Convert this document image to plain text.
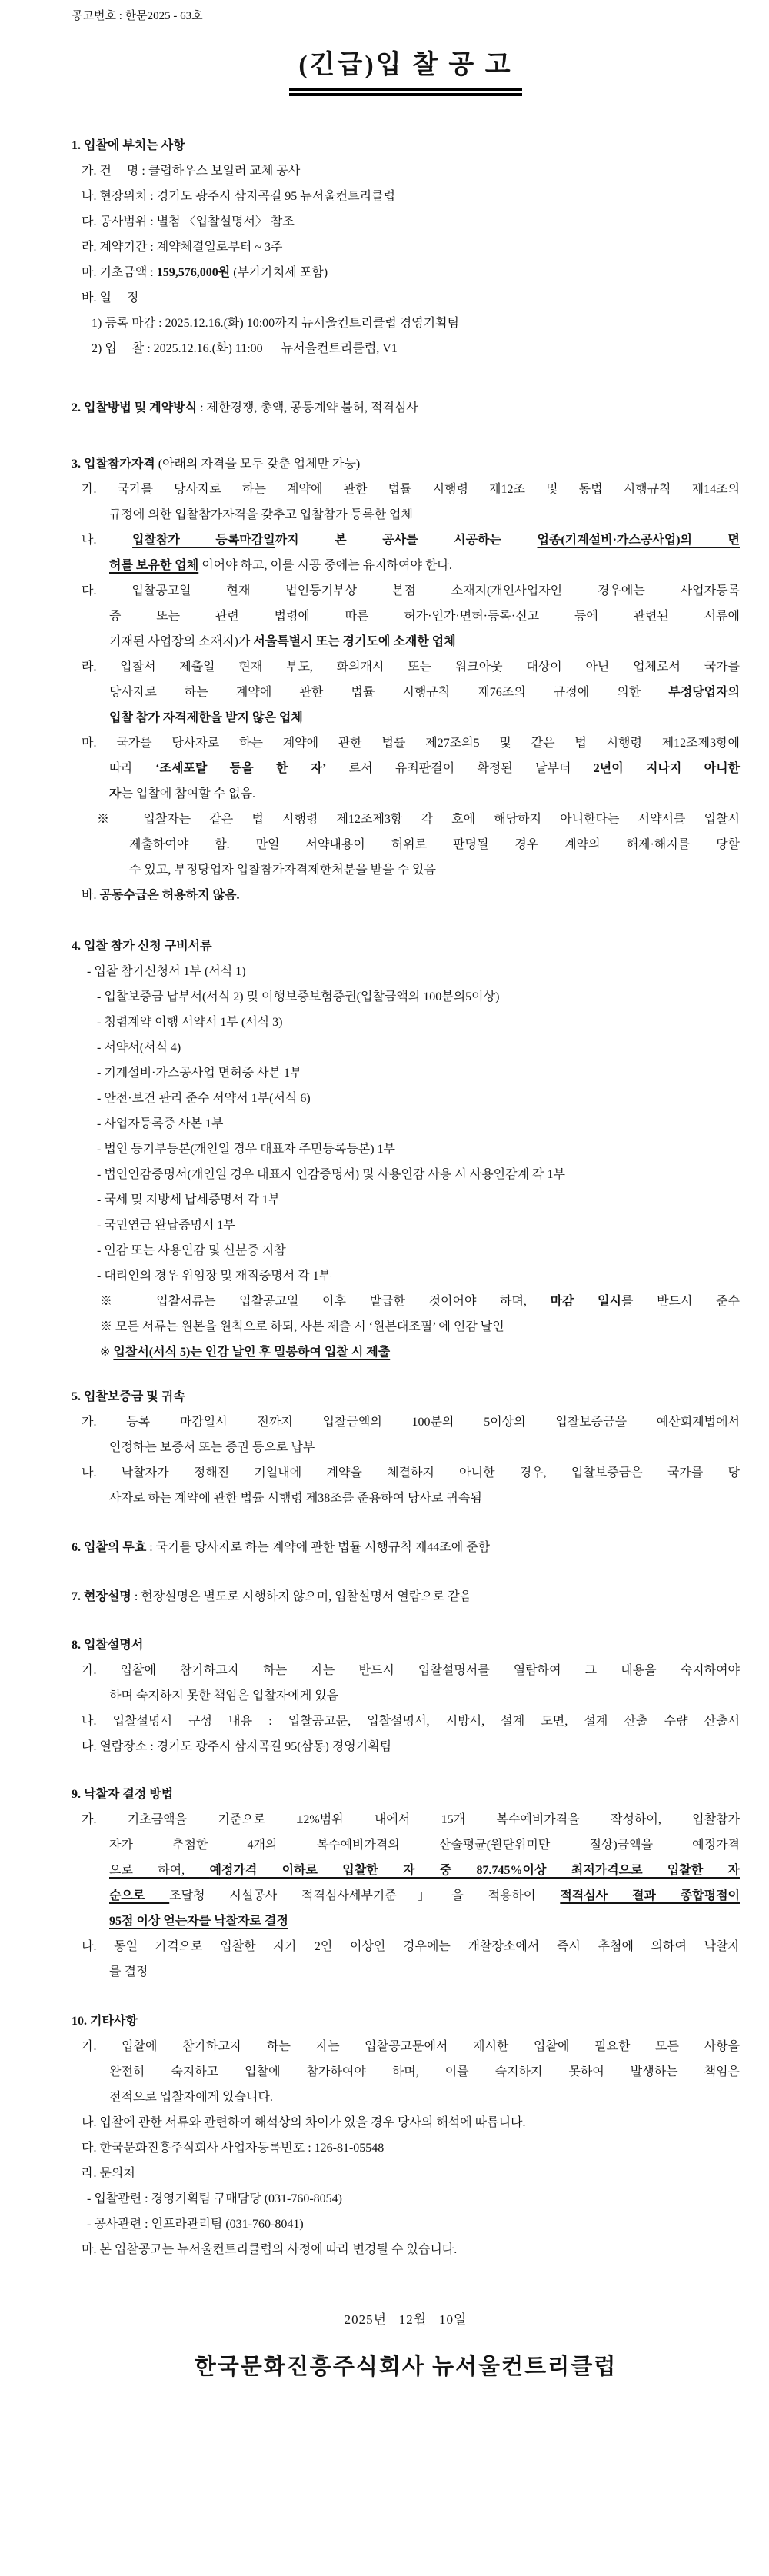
공고번호 : 한문2025 - 63호
(긴급)입 찰 공 고
1. 입찰에 부치는 사항
가. 건     명 : 클럽하우스 보일러 교체 공사
나. 현장위치 : 경기도 광주시 삼지곡길 95 뉴서울컨트리클럽
다. 공사범위 : 별첨 〈입찰설명서〉 참조
라. 계약기간 : 계약체결일로부터 ~ 3주
마. 기초금액 : 159,576,000원 (부가가치세 포함)
바. 일     정
1) 등록 마감 : 2025.12.16.(화) 10:00까지 뉴서울컨트리클럽 경영기획팀
2) 입     찰 : 2025.12.16.(화) 11:00      뉴서울컨트리클럽, V1
2. 입찰방법 및 계약방식 : 제한경쟁, 총액, 공동계약 불허, 적격심사
3. 입찰참가자격 (아래의 자격을 모두 갖춘 업체만 가능)
가. 국가를 당사자로 하는 계약에 관한 법률 시행령 제12조 및 동법 시행규칙 제14조의
규정에 의한 입찰참가자격을 갖추고 입찰참가 등록한 업체
나. 입찰참가 등록마감일까지 본 공사를 시공하는 업종(기계설비·가스공사업)의 면
허를 보유한 업체 이어야 하고, 이를 시공 중에는 유지하여야 한다.
다. 입찰공고일 현재 법인등기부상 본점 소재지(개인사업자인 경우에는 사업자등록
증 또는 관련 법령에 따른 허가·인가·면허·등록·신고 등에 관련된 서류에
기재된 사업장의 소재지)가 서울특별시 또는 경기도에 소재한 업체
라. 입찰서 제출일 현재 부도, 화의개시 또는 워크아웃 대상이 아닌 업체로서 국가를
당사자로 하는 계약에 관한 법률 시행규칙 제76조의 규정에 의한 부정당업자의
입찰 참가 자격제한을 받지 않은 업체
마. 국가를 당사자로 하는 계약에 관한 법률 제27조의5 및 같은 법 시행령 제12조제3항에
따라 ‘조세포탈 등을 한 자’ 로서 유죄판결이 확정된 날부터 2년이 지나지 아니한
자는 입찰에 참여할 수 없음.
※ 입찰자는 같은 법 시행령 제12조제3항 각 호에 해당하지 아니한다는 서약서를 입찰시
제출하여야 함. 만일 서약내용이 허위로 판명될 경우 계약의 해제·해지를 당할
수 있고, 부정당업자 입찰참가자격제한처분을 받을 수 있음
바. 공동수급은 허용하지 않음.
4. 입찰 참가 신청 구비서류
- 입찰 참가신청서 1부 (서식 1)
- 입찰보증금 납부서(서식 2) 및 이행보증보험증권(입찰금액의 100분의5이상)
- 청렴계약 이행 서약서 1부 (서식 3)
- 서약서(서식 4)
- 기계설비·가스공사업 면허증 사본 1부
- 안전·보건 관리 준수 서약서 1부(서식 6)
- 사업자등록증 사본 1부
- 법인 등기부등본(개인일 경우 대표자 주민등록등본) 1부
- 법인인감증명서(개인일 경우 대표자 인감증명서) 및 사용인감 사용 시 사용인감계 각 1부
- 국세 및 지방세 납세증명서 각 1부
- 국민연금 완납증명서 1부
- 인감 또는 사용인감 및 신분증 지참
- 대리인의 경우 위임장 및 재직증명서 각 1부
※ 입찰서류는 입찰공고일 이후 발급한 것이어야 하며, 마감 일시를 반드시 준수
※ 모든 서류는 원본을 원칙으로 하되, 사본 제출 시 ‘원본대조필’ 에 인감 날인
※ 입찰서(서식 5)는 인감 날인 후 밀봉하여 입찰 시 제출
5. 입찰보증금 및 귀속
가. 등록 마감일시 전까지 입찰금액의 100분의 5이상의 입찰보증금을 예산회계법에서
인정하는 보증서 또는 증권 등으로 납부
나. 낙찰자가 정해진 기일내에 계약을 체결하지 아니한 경우, 입찰보증금은 국가를 당
사자로 하는 계약에 관한 법률 시행령 제38조를 준용하여 당사로 귀속됨
6. 입찰의 무효 : 국가를 당사자로 하는 계약에 관한 법률 시행규칙 제44조에 준함
7. 현장설명 : 현장설명은 별도로 시행하지 않으며, 입찰설명서 열람으로 같음
8. 입찰설명서
가. 입찰에 참가하고자 하는 자는 반드시 입찰설명서를 열람하여 그 내용을 숙지하여야
하며 숙지하지 못한 책임은 입찰자에게 있음
나. 입찰설명서 구성 내용 : 입찰공고문, 입찰설명서, 시방서, 설계 도면, 설계 산출 수량 산출서
다. 열람장소 : 경기도 광주시 삼지곡길 95(삼동) 경영기획팀
9. 낙찰자 결정 방법
가. 기초금액을 기준으로 ±2%범위 내에서 15개 복수예비가격을 작성하여, 입찰참가
자가 추첨한 4개의 복수예비가격의 산술평균(원단위미만 절상)금액을 예정가격
으로 하여, 예정가격 이하로 입찰한 자 중 87.745%이상 최저가격으로 입찰한 자
순으로 조달청 시설공사 적격심사세부기준」을 적용하여 적격심사 결과 종합평점이
95점 이상 얻는자를 낙찰자로 결정
나. 동일 가격으로 입찰한 자가 2인 이상인 경우에는 개찰장소에서 즉시 추첨에 의하여 낙찰자
를 결정
10. 기타사항
가. 입찰에 참가하고자 하는 자는 입찰공고문에서 제시한 입찰에 필요한 모든 사항을
완전히 숙지하고 입찰에 참가하여야 하며, 이를 숙지하지 못하여 발생하는 책임은
전적으로 입찰자에게 있습니다.
나. 입찰에 관한 서류와 관련하여 해석상의 차이가 있을 경우 당사의 해석에 따릅니다.
다. 한국문화진흥주식회사 사업자등록번호 : 126-81-05548
라. 문의처
- 입찰관련 : 경영기획팀 구매담당 (031-760-8054)
- 공사관련 : 인프라관리팀 (031-760-8041)
마. 본 입찰공고는 뉴서울컨트리클럽의 사정에 따라 변경될 수 있습니다.
2025년   12월   10일
한국문화진흥주식회사 뉴서울컨트리클럽
